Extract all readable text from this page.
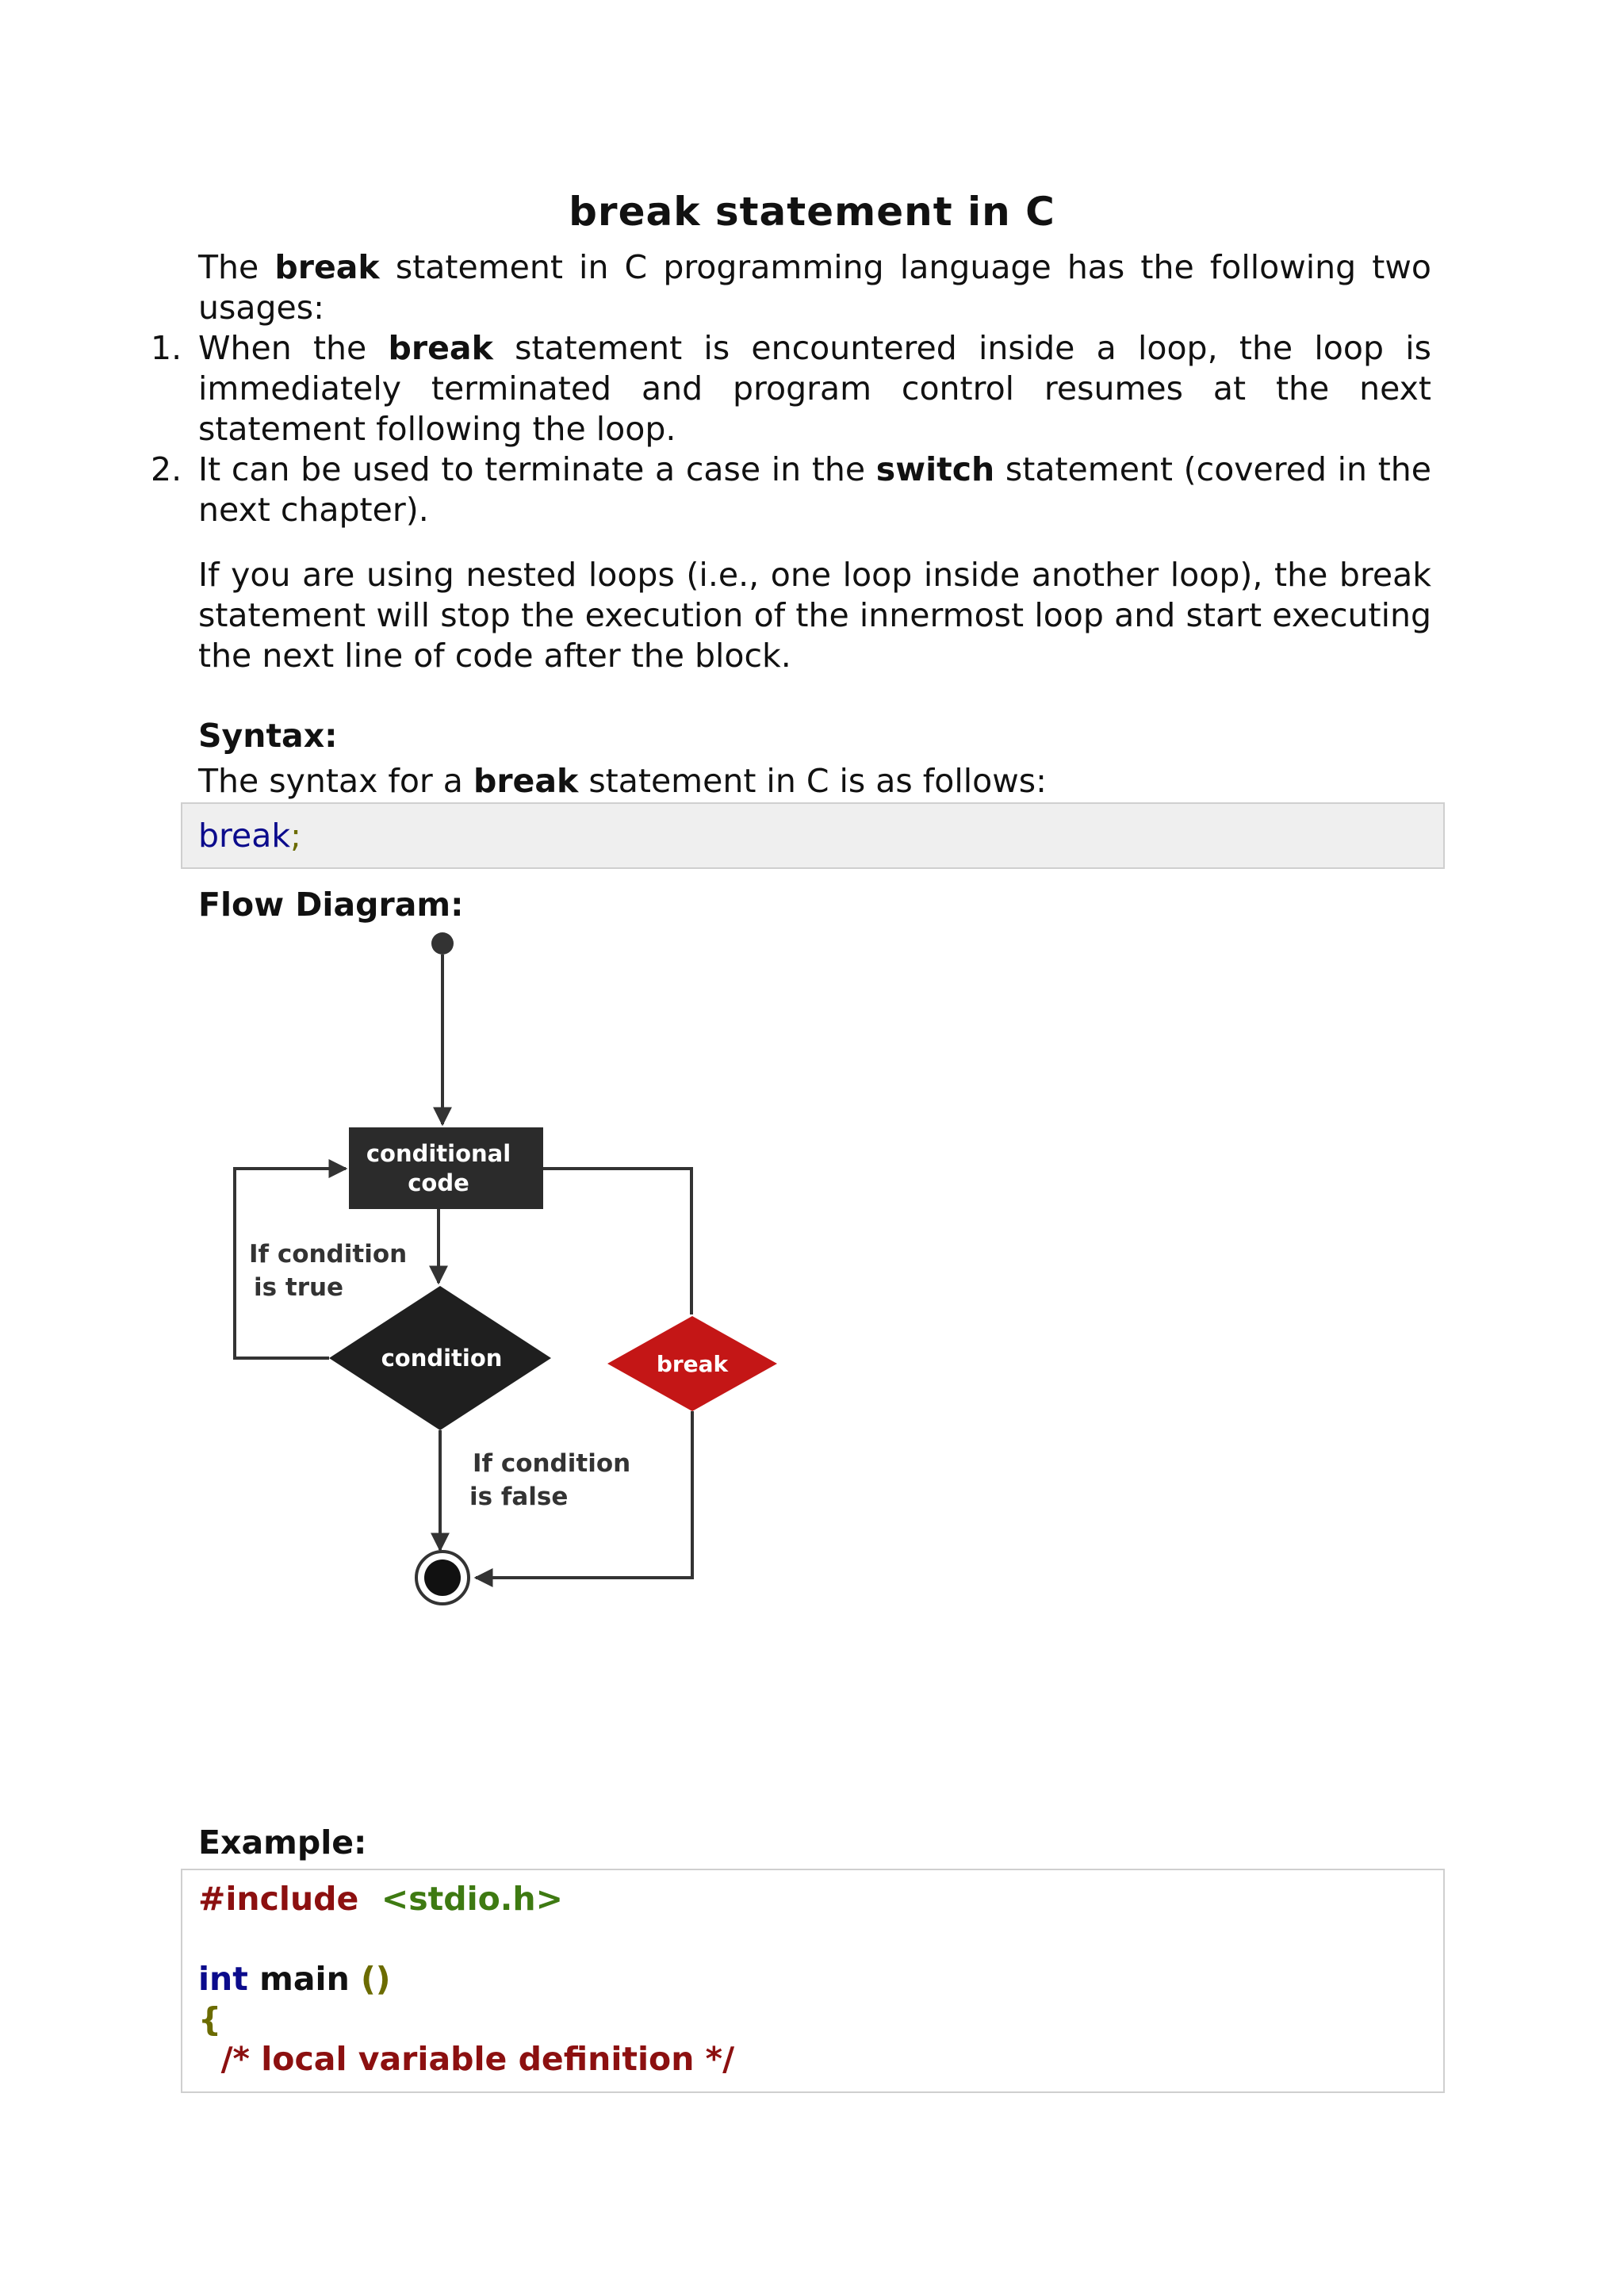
break statement in C
The break statement in C programming language has the following two usages:
1. When the break statement is encountered inside a loop, the loop is immediately terminated and program control resumes at the next statement following the loop.
2. It can be used to terminate a case in the switch statement (covered in the next chapter).
If you are using nested loops (i.e., one loop inside another loop), the break statement will stop the execution of the innermost loop and start executing the next line of code after the block.
Syntax:
The syntax for a break statement in C is as follows:
break;
Flow Diagram:
conditional
code
condition
If condition
is true
break
If condition
is false
Example:
#include <stdio.h>
int main ()
{
/* local variable definition */
